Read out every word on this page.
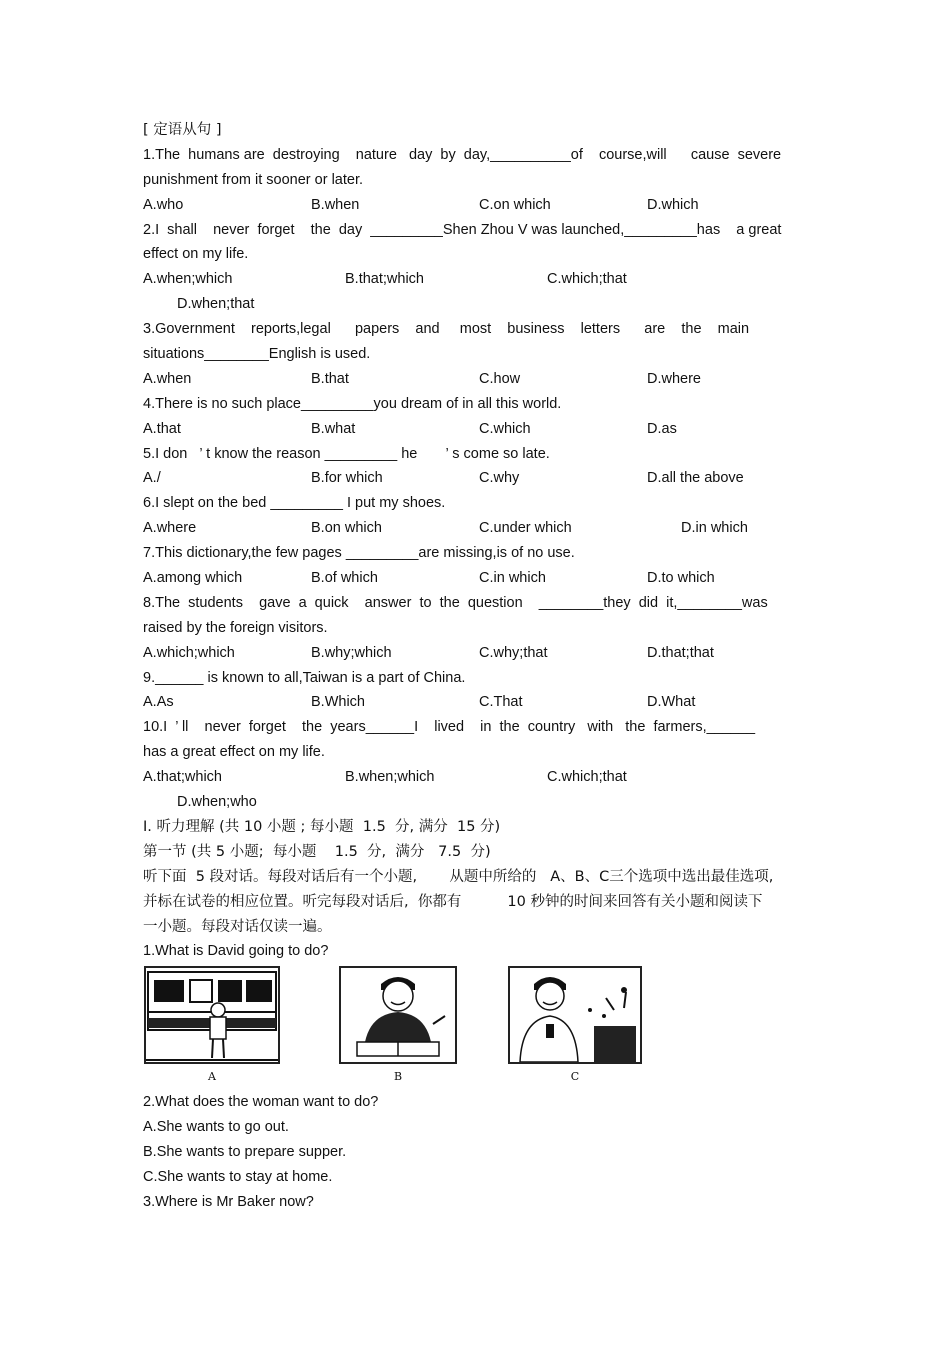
[ 定语从句 ]
1.The  humans are  destroying    nature   day  by  day,__________of    course,will      cause  severe
punishment from it sooner or later.
A.who	B.when	C.on which	D.which
2.I  shall    never  forget    the  day  _________Shen Zhou V was launched,_________has    a great
effect on my life.
A.when;which	B.that;which	C.which;that
D.when;that
3.Government    reports,legal      papers    and     most    business    letters      are    the    main
situations________English is used.
A.when	B.that	C.how	D.where
4.There is no such place_________you dream of in all this world.
A.that	B.what	C.which	D.as
5.I don   ’ t know the reason _________ he       ’ s come so late.
A./	B.for which	C.why	D.all the above
6.I slept on the bed _________ I put my shoes.
A.where	B.on which	C.under which	D.in which
7.This dictionary,the few pages _________are missing,is of no use.
A.among which	B.of which	C.in which	D.to which
8.The  students    gave  a  quick    answer  to  the  question    ________they  did  it,________was
raised by the foreign visitors.
A.which;which	B.why;which	C.why;that	D.that;that
9.______ is known to all,Taiwan is a part of China.
A.As	B.Which	C.That	D.What
10.I  ’ ll    never  forget    the  years______I    lived    in  the  country   with   the  farmers,______
has a great effect on my life.
A.that;which	B.when;which	C.which;that
D.when;who
Ⅰ. 听力理解 (共 10 小题 ; 每小题  1.5  分, 满分  15 分)
第一节 (共 5 小题;  每小题    1.5  分,  满分   7.5  分)
听下面  5 段对话。每段对话后有一个小题,       从题中所给的   A、B、C三个选项中选出最佳选项,
并标在试卷的相应位置。听完每段对话后,  你都有          10 秒钟的时间来回答有关小题和阅读下
一小题。每段对话仅读一遍。
1.What is David going to do?
A	B	C
2.What does the woman want to do?
A.She wants to go out.
B.She wants to prepare supper.
C.She wants to stay at home.
3.Where is Mr Baker now?
